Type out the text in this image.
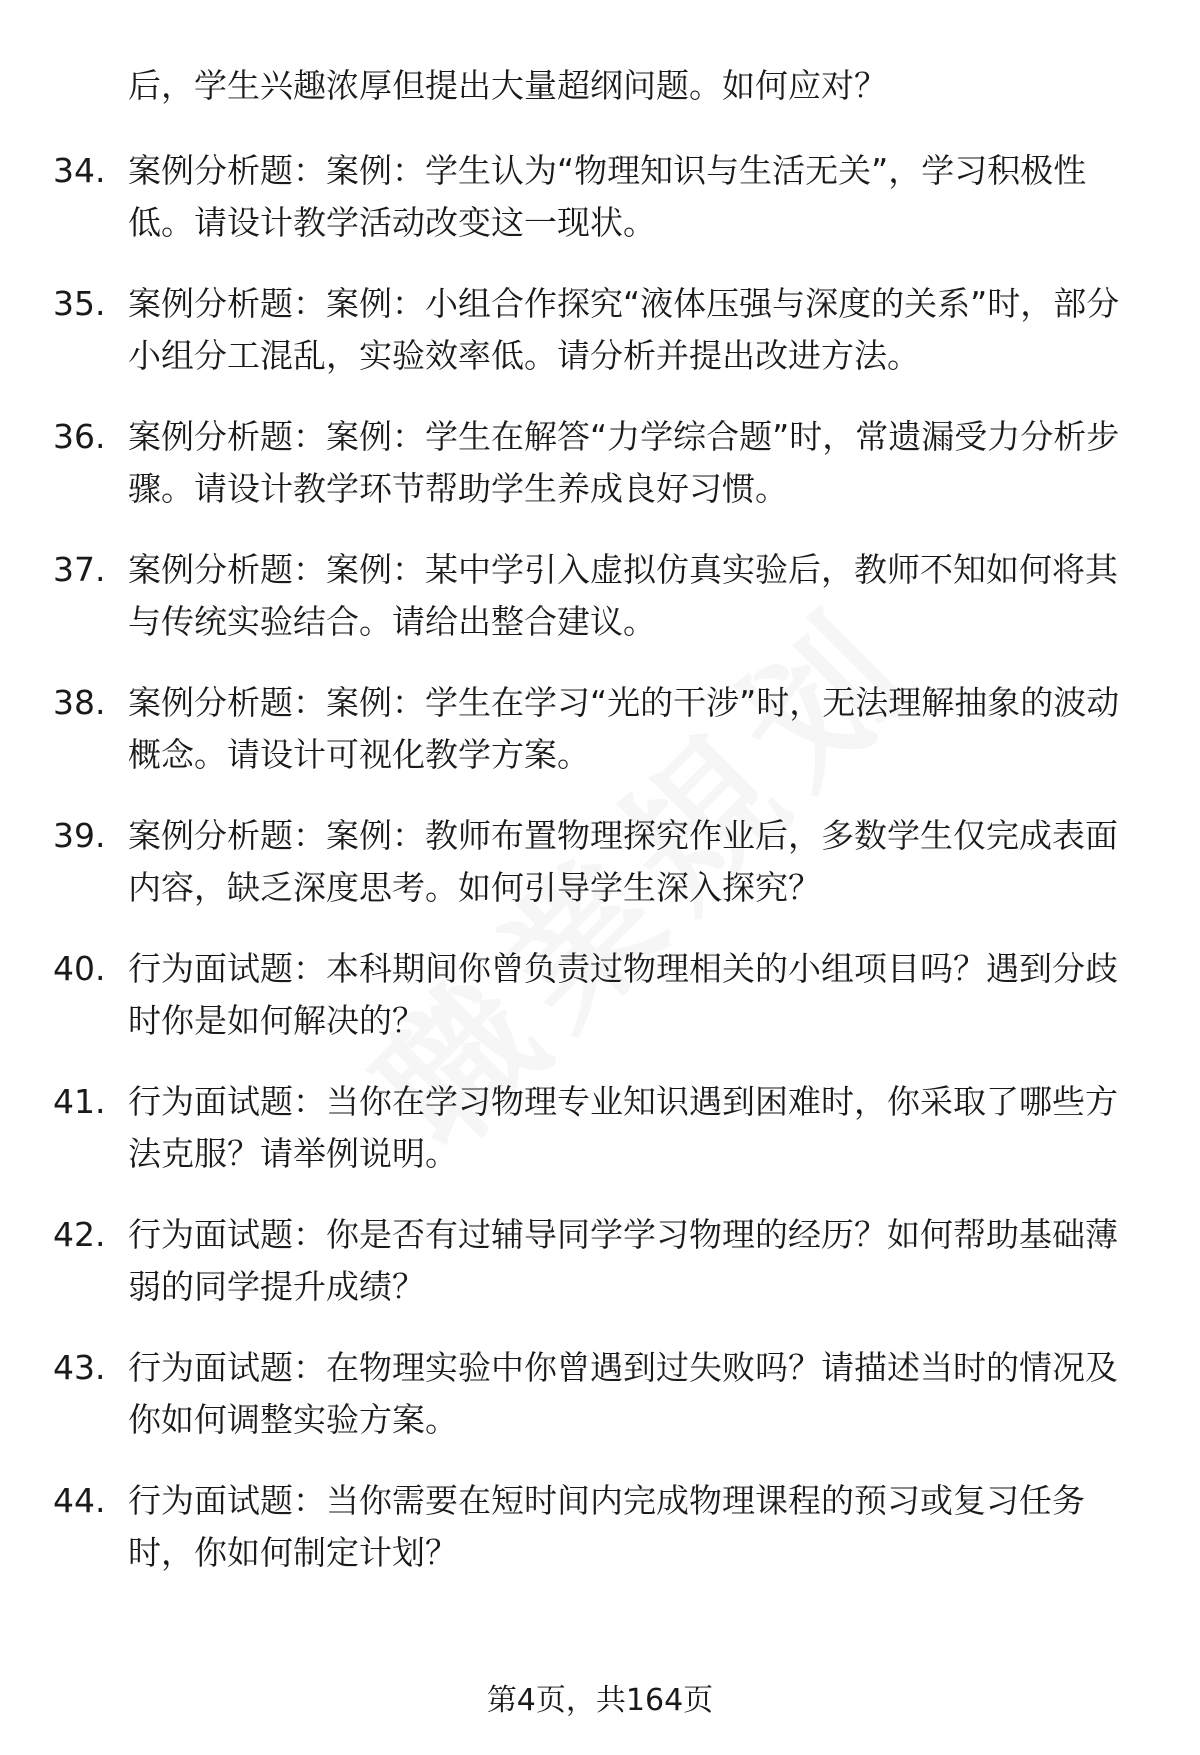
后，学生兴趣浓厚但提出大量超纲问题。如何应对？
34. 案例分析题：案例：学生认为“物理知识与生活无关”，学习积极性低。请设计教学活动改变这一现状。
35. 案例分析题：案例：小组合作探究“液体压强与深度的关系”时，部分小组分工混乱，实验效率低。请分析并提出改进方法。
36. 案例分析题：案例：学生在解答“力学综合题”时，常遗漏受力分析步骤。请设计教学环节帮助学生养成良好习惯。
37. 案例分析题：案例：某中学引入虚拟仿真实验后，教师不知如何将其与传统实验结合。请给出整合建议。
38. 案例分析题：案例：学生在学习“光的干涉”时，无法理解抽象的波动概念。请设计可视化教学方案。
39. 案例分析题：案例：教师布置物理探究作业后，多数学生仅完成表面内容，缺乏深度思考。如何引导学生深入探究？
40. 行为面试题：本科期间你曾负责过物理相关的小组项目吗？遇到分歧时你是如何解决的？
41. 行为面试题：当你在学习物理专业知识遇到困难时，你采取了哪些方法克服？请举例说明。
42. 行为面试题：你是否有过辅导同学学习物理的经历？如何帮助基础薄弱的同学提升成绩？
43. 行为面试题：在物理实验中你曾遇到过失败吗？请描述当时的情况及你如何调整实验方案。
44. 行为面试题：当你需要在短时间内完成物理课程的预习或复习任务时，你如何制定计划？
第4页，共164页
